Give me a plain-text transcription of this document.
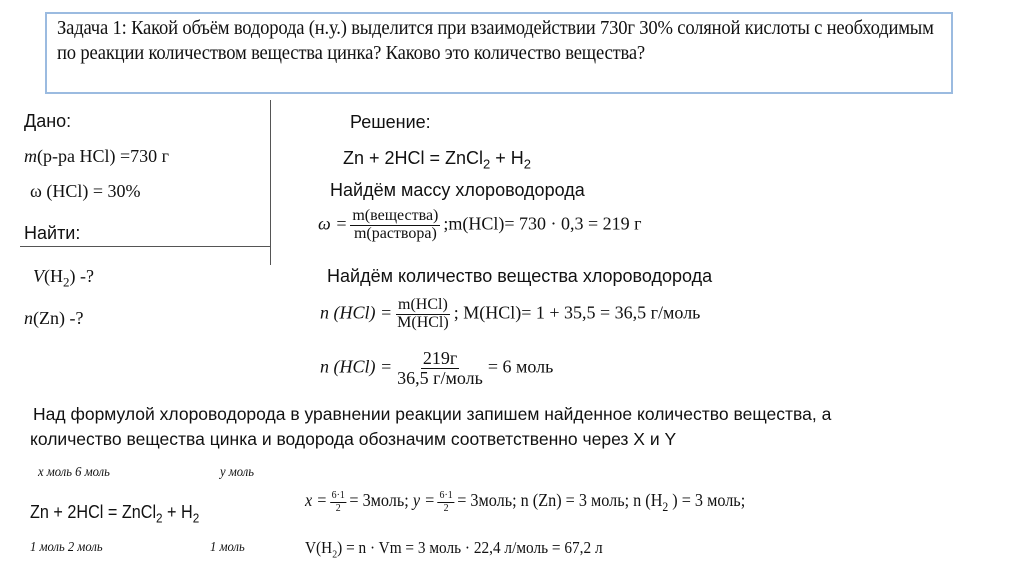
Задача 1: Какой объём водорода (н.у.) выделится при взаимодействии 730г 30% соляной кислоты с необходимым по реакции количеством вещества цинка? Каково это количество вещества?
Дано:
m(р-ра HCl) =730 г
ω (HCl) = 30%
Найти:
$V(H_2)$ -?
n(Zn) -?
Решение:
Zn + 2HCl = ZnCl$_2$ + $H_2$
Найдём массу хлороводорода
$\omega = \frac{\text{m(вещества)}}{\text{m(раствора)}}$ ;m(HCl)= 730 · 0,3 = 219 г
Найдём количество вещества хлороводорода
n $(HCl) = \frac{\text{m(HCl)}}{\text{M(HCl)}}$ ; M(HCl)= 1 + 35,5 = 36,5 г/моль
n $(HCl) = \frac{219г}{\text{36,5 г/моль}} = 6$ моль
Над формулой хлороводорода в уравнении реакции запишем найденное количество вещества, а
количество вещества цинка и водорода обозначим соответственно через X и Y
x моль 6 моль	y моль
Zn + 2HCl = ZnCl$_2$ + $H_2$
$x = \frac{6\cdot 1}{2}$ = 3моль; $y = \frac{6\cdot 1}{2}$ = 3моль; n (Zn) = 3 моль; n ($H_2$ ) = 3 моль;
1 моль 2 моль	1 моль	$V(H_2) = n \cdot Vm = 3$ моль · 22,4 л/моль = 67,2 л
